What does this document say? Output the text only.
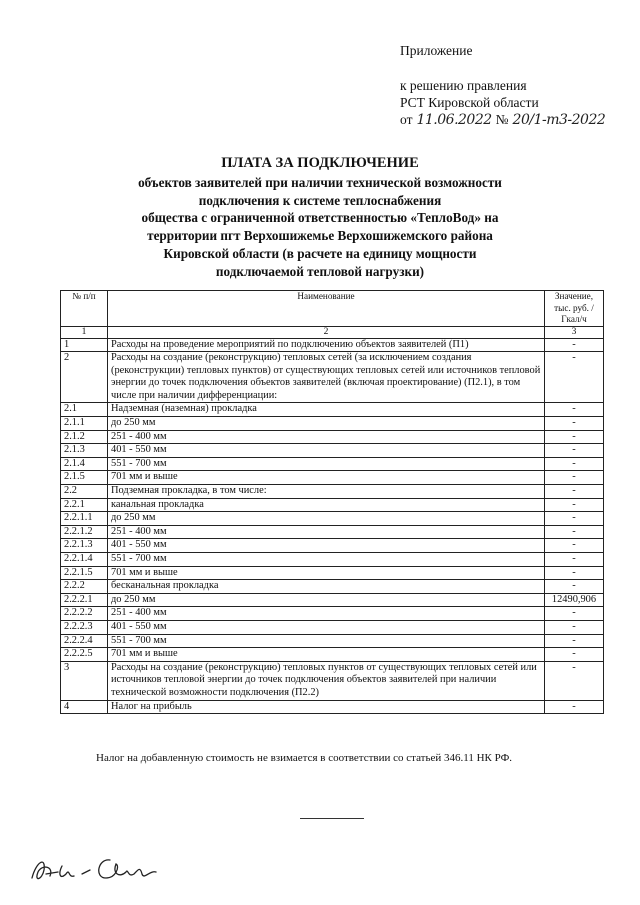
Приложение
к решению правления
РСТ Кировской области
от 11.06.2022 № 20/1-т3-2022
ПЛАТА ЗА ПОДКЛЮЧЕНИЕ
объектов заявителей при наличии технической возможности
подключения к системе теплоснабжения
общества с ограниченной ответственностью «ТеплоВод» на
территории пгт Верхошижемье Верхошижемского района
Кировской области (в расчете на единицу мощности
подключаемой тепловой нагрузки)
№ п/п	Наименование	Значение, тыс. руб. / Гкал/ч
1	2	3
1	Расходы на проведение мероприятий по подключению объектов заявителей (П1)	-
2	Расходы на создание (реконструкцию) тепловых сетей (за исключением создания (реконструкции) тепловых пунктов) от существующих тепловых сетей или источников тепловой энергии до точек подключения объектов заявителей (включая проектирование) (П2.1), в том числе при наличии дифференциации:	-
2.1	Надземная (наземная) прокладка	-
2.1.1	до 250 мм	-
2.1.2	251 - 400 мм	-
2.1.3	401 - 550 мм	-
2.1.4	551 - 700 мм	-
2.1.5	701 мм и выше	-
2.2	Подземная прокладка, в том числе:	-
2.2.1	канальная прокладка	-
2.2.1.1	до 250 мм	-
2.2.1.2	251 - 400 мм	-
2.2.1.3	401 - 550 мм	-
2.2.1.4	551 - 700 мм	-
2.2.1.5	701 мм и выше	-
2.2.2	бесканальная прокладка	-
2.2.2.1	до 250 мм	12490,906
2.2.2.2	251 - 400 мм	-
2.2.2.3	401 - 550 мм	-
2.2.2.4	551 - 700 мм	-
2.2.2.5	701 мм и выше	-
3	Расходы на создание (реконструкцию) тепловых пунктов от существующих тепловых сетей или источников тепловой энергии до точек подключения объектов заявителей при наличии технической возможности подключения (П2.2)	-
4	Налог на прибыль	-
Налог на добавленную стоимость не взимается в соответствии со статьей 346.11 НК РФ.
